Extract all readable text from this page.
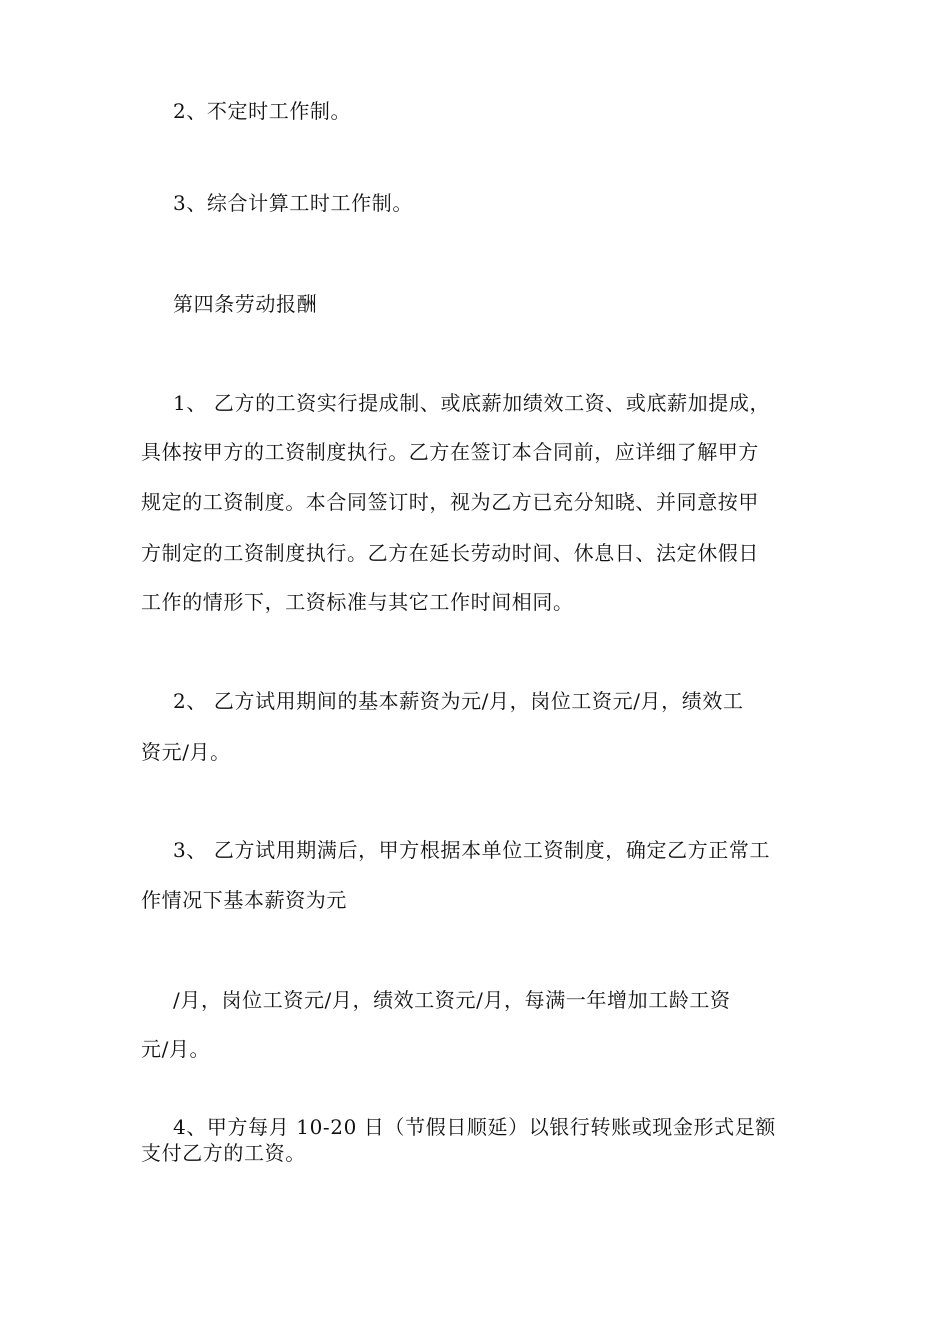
2、不定时工作制。

3、综合计算工时工作制。

第四条劳动报酬

1、 乙方的工资实行提成制、或底薪加绩效工资、或底薪加提成，

具体按甲方的工资制度执行。乙方在签订本合同前，应详细了解甲方

规定的工资制度。本合同签订时，视为乙方已充分知晓、并同意按甲

方制定的工资制度执行。乙方在延长劳动时间、休息日、法定休假日

工作的情形下，工资标准与其它工作时间相同。

2、 乙方试用期间的基本薪资为元/月，岗位工资元/月，绩效工

资元/月。

3、 乙方试用期满后，甲方根据本单位工资制度，确定乙方正常工

作情况下基本薪资为元

/月，岗位工资元/月，绩效工资元/月，每满一年增加工龄工资

元/月。

4、甲方每月 10-20 日（节假日顺延）以银行转账或现金形式足额

支付乙方的工资。
